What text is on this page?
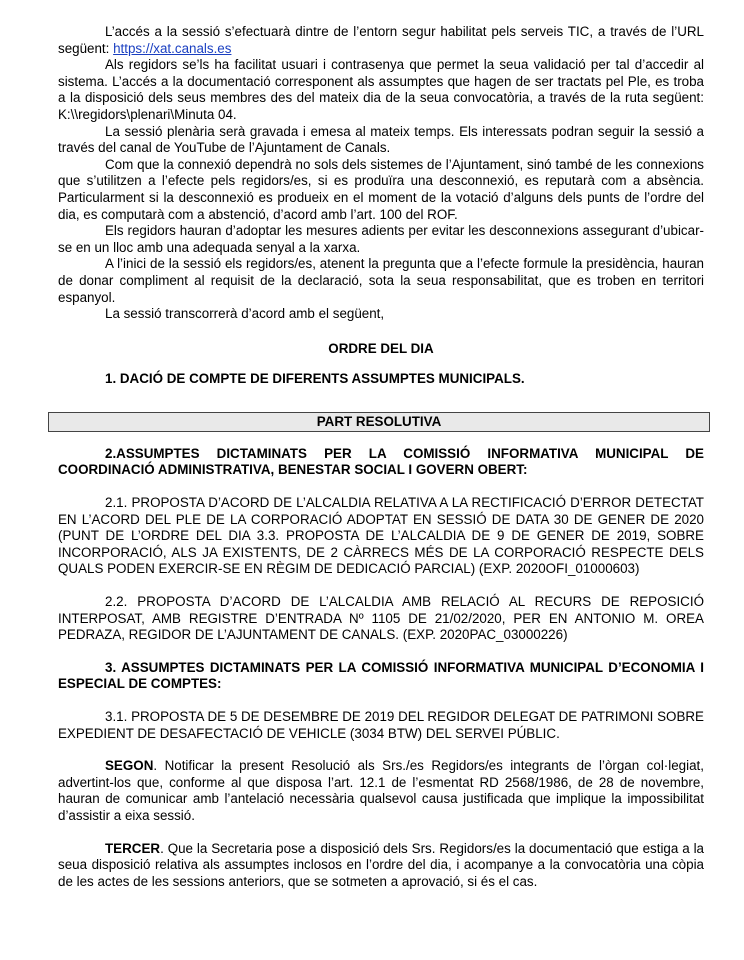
L’accés a la sessió s’efectuarà dintre de l’entorn segur habilitat pels serveis TIC, a través de l’URL següent: https://xat.canals.es

Als regidors se’ls ha facilitat usuari i contrasenya que permet la seua validació per tal d’accedir al sistema. L’accés a la documentació corresponent als assumptes que hagen de ser tractats pel Ple, es troba a la disposició dels seus membres des del mateix dia de la seua convocatòria, a través de la ruta següent: K:\\regidors\plenari\Minuta 04.

La sessió plenària serà gravada i emesa al mateix temps. Els interessats podran seguir la sessió a través del canal de YouTube de l’Ajuntament de Canals.

Com que la connexió dependrà no sols dels sistemes de l’Ajuntament, sinó també de les connexions que s’utilitzen a l’efecte pels regidors/es, si es produïra una desconnexió, es reputarà com a absència. Particularment si la desconnexió es produeix en el moment de la votació d’alguns dels punts de l’ordre del dia, es computarà com a abstenció, d’acord amb l’art. 100 del ROF.

Els regidors hauran d’adoptar les mesures adients per evitar les desconnexions assegurant d’ubicar-se en un lloc amb una adequada senyal a la xarxa.

A l’inici de la sessió els regidors/es, atenent la pregunta que a l’efecte formule la presidència, hauran de donar compliment al requisit de la declaració, sota la seua responsabilitat, que es troben en territori espanyol.

La sessió transcorrerà d’acord amb el següent,

ORDRE DEL DIA

1. DACIÓ DE COMPTE DE DIFERENTS ASSUMPTES MUNICIPALS.

PART RESOLUTIVA

2.ASSUMPTES DICTAMINATS PER LA COMISSIÓ INFORMATIVA MUNICIPAL DE COORDINACIÓ ADMINISTRATIVA, BENESTAR SOCIAL I GOVERN OBERT:

2.1. PROPOSTA D’ACORD DE L’ALCALDIA RELATIVA A LA RECTIFICACIÓ D’ERROR DETECTAT EN L’ACORD DEL PLE DE LA CORPORACIÓ ADOPTAT EN SESSIÓ DE DATA 30 DE GENER DE 2020 (PUNT DE L’ORDRE DEL DIA 3.3. PROPOSTA DE L’ALCALDIA DE 9 DE GENER DE 2019, SOBRE INCORPORACIÓ, ALS JA EXISTENTS, DE 2 CÀRRECS MÉS DE LA CORPORACIÓ RESPECTE DELS QUALS PODEN EXERCIR-SE EN RÈGIM DE DEDICACIÓ PARCIAL) (EXP. 2020OFI_01000603)

2.2. PROPOSTA D’ACORD DE L’ALCALDIA AMB RELACIÓ AL RECURS DE REPOSICIÓ INTERPOSAT, AMB REGISTRE D’ENTRADA Nº 1105 DE 21/02/2020, PER EN ANTONIO M. OREA PEDRAZA, REGIDOR DE L’AJUNTAMENT DE CANALS. (EXP. 2020PAC_03000226)

3. ASSUMPTES DICTAMINATS PER LA COMISSIÓ INFORMATIVA MUNICIPAL D’ECONOMIA I ESPECIAL DE COMPTES:

3.1. PROPOSTA DE 5 DE DESEMBRE DE 2019 DEL REGIDOR DELEGAT DE PATRIMONI SOBRE EXPEDIENT DE DESAFECTACIÓ DE VEHICLE (3034 BTW) DEL SERVEI PÚBLIC.

SEGON. Notificar la present Resolució als Srs./es Regidors/es integrants de l’òrgan col·legiat, advertint-los que, conforme al que disposa l’art. 12.1 de l’esmentat RD 2568/1986, de 28 de novembre, hauran de comunicar amb l’antelació necessària qualsevol causa justificada que implique la impossibilitat d’assistir a eixa sessió.

TERCER. Que la Secretaria pose a disposició dels Srs. Regidors/es la documentació que estiga a la seua disposició relativa als assumptes inclosos en l’ordre del dia, i acompanye a la convocatòria una còpia de les actes de les sessions anteriors, que se sotmeten a aprovació, si és el cas.
